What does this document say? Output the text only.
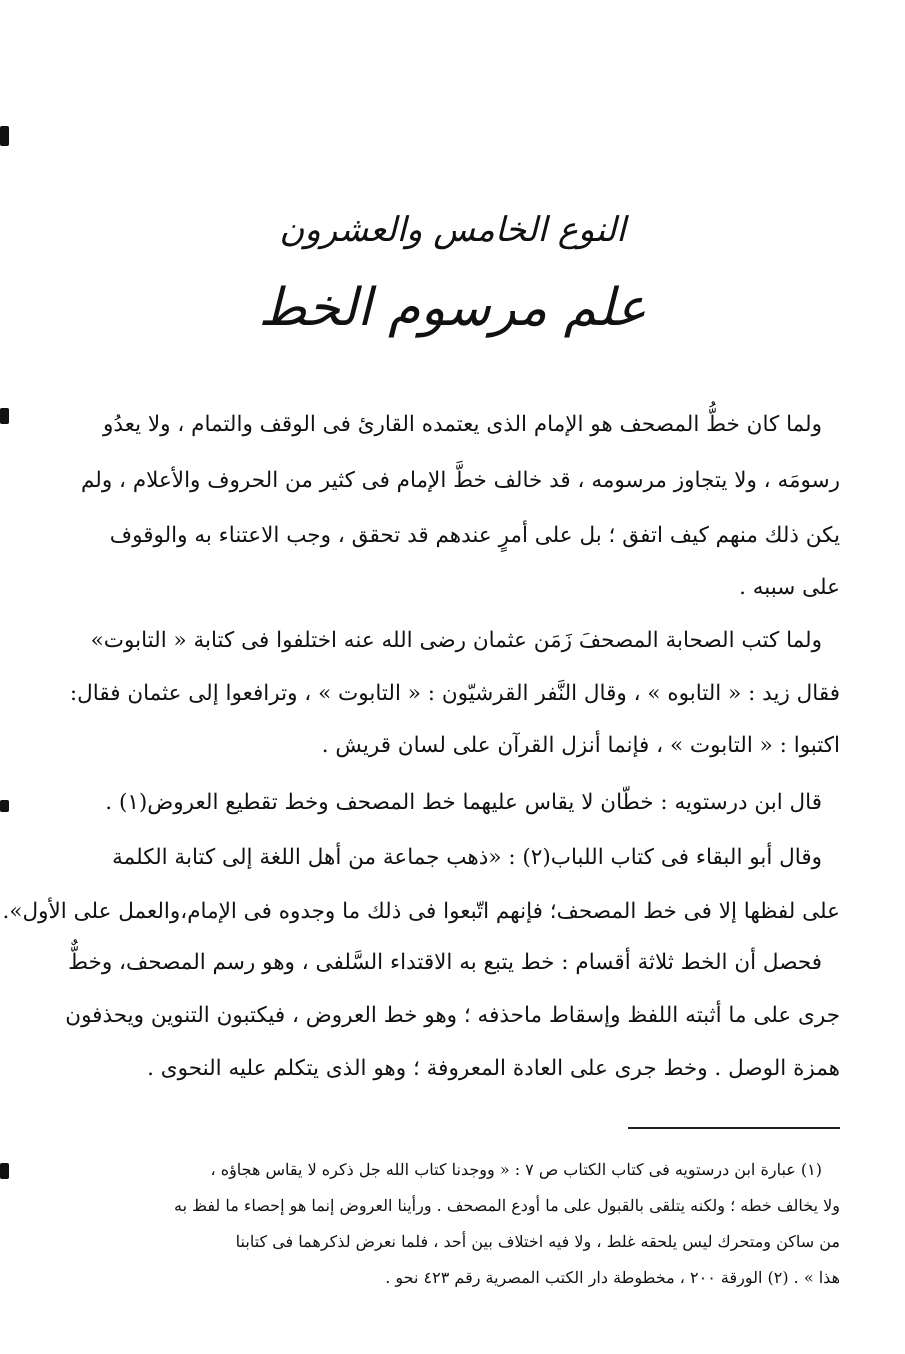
النوع الخامس والعشرون
علم مرسوم الخط
ولما كان خطُّ المصحف هو الإمام الذى يعتمده القارئ فى الوقف والتمام ، ولا يعدُو
رسومَه ، ولا يتجاوز مرسومه ، قد خالف خطَّ الإمام فى كثير من الحروف والأعلام ، ولم
يكن ذلك منهم كيف اتفق ؛ بل على أمرٍ عندهم قد تحقق ، وجب الاعتناء به والوقوف
على سببه .
ولما كتب الصحابة المصحفَ زَمَن عثمان رضى الله عنه اختلفوا فى كتابة « التابوت»
فقال زيد : « التابوه » ، وقال النَّفر القرشيّون : « التابوت » ، وترافعوا إلى عثمان فقال:
اكتبوا : « التابوت » ، فإنما أنزل القرآن على لسان قريش .
قال ابن درستويه : خطّان لا يقاس عليهما خط المصحف وخط تقطيع العروض(١) .
وقال أبو البقاء فى كتاب اللباب(٢) : «ذهب جماعة من أهل اللغة إلى كتابة الكلمة
على لفظها إلا فى خط المصحف؛ فإنهم اتّبعوا فى ذلك ما وجدوه فى الإمام،والعمل على الأول».
فحصل أن الخط ثلاثة أقسام : خط يتبع به الاقتداء السَّلفى ، وهو رسم المصحف، وخطٌّ
جرى على ما أثبته اللفظ وإسقاط ماحذفه ؛ وهو خط العروض ، فيكتبون التنوين ويحذفون
همزة الوصل . وخط جرى على العادة المعروفة ؛ وهو الذى يتكلم عليه النحوى .
(١) عبارة ابن درستويه فى كتاب الكتاب ص ٧ : « ووجدنا كتاب الله جل ذكره لا يقاس هجاؤه ،
ولا يخالف خطه ؛ ولكنه يتلقى بالقبول على ما أودع المصحف . ورأينا العروض إنما هو إحصاء ما لفظ به
من ساكن ومتحرك ليس يلحقه غلط ، ولا فيه اختلاف بين أحد ، فلما نعرض لذكرهما فى كتابنا
هذا » . (٢) الورقة ٢٠٠ ، مخطوطة دار الكتب المصرية رقم ٤٢٣ نحو .
